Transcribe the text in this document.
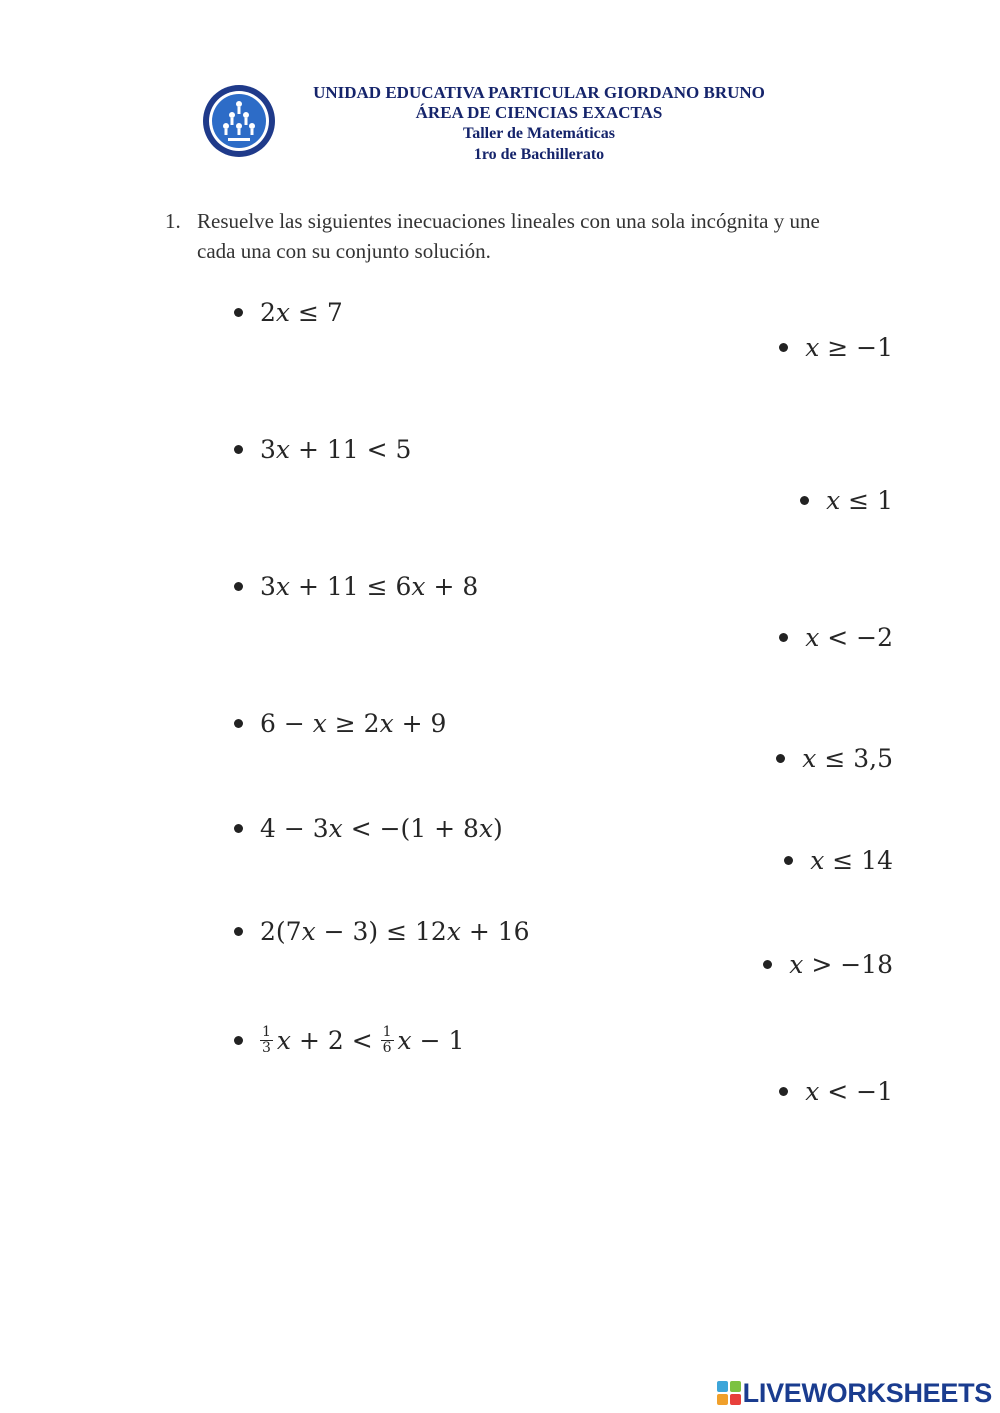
UNIDAD EDUCATIVA PARTICULAR GIORDANO BRUNO
ÁREA DE CIENCIAS EXACTAS
Taller de Matemáticas
1ro de Bachillerato
1. Resuelve las siguientes inecuaciones lineales con una sola incógnita y une cada una con su conjunto solución.
2𝑥 ≤ 7
3𝑥 + 11 < 5
3𝑥 + 11 ≤ 6𝑥 + 8
6 − 𝑥 ≥ 2𝑥 + 9
4 − 3𝑥 < −(1 + 8𝑥)
2(7𝑥 − 3) ≤ 12𝑥 + 16
$\frac{1}{3}$ 𝑥 + $2 < \frac{1}{6}$ 𝑥 − 1
𝑥 ≥ −1
𝑥 ≤ 1
𝑥 < −2
𝑥 ≤ 3,5
𝑥 ≤ 14
𝑥 > −18
𝑥 < −1
LIVEWORKSHEETS
